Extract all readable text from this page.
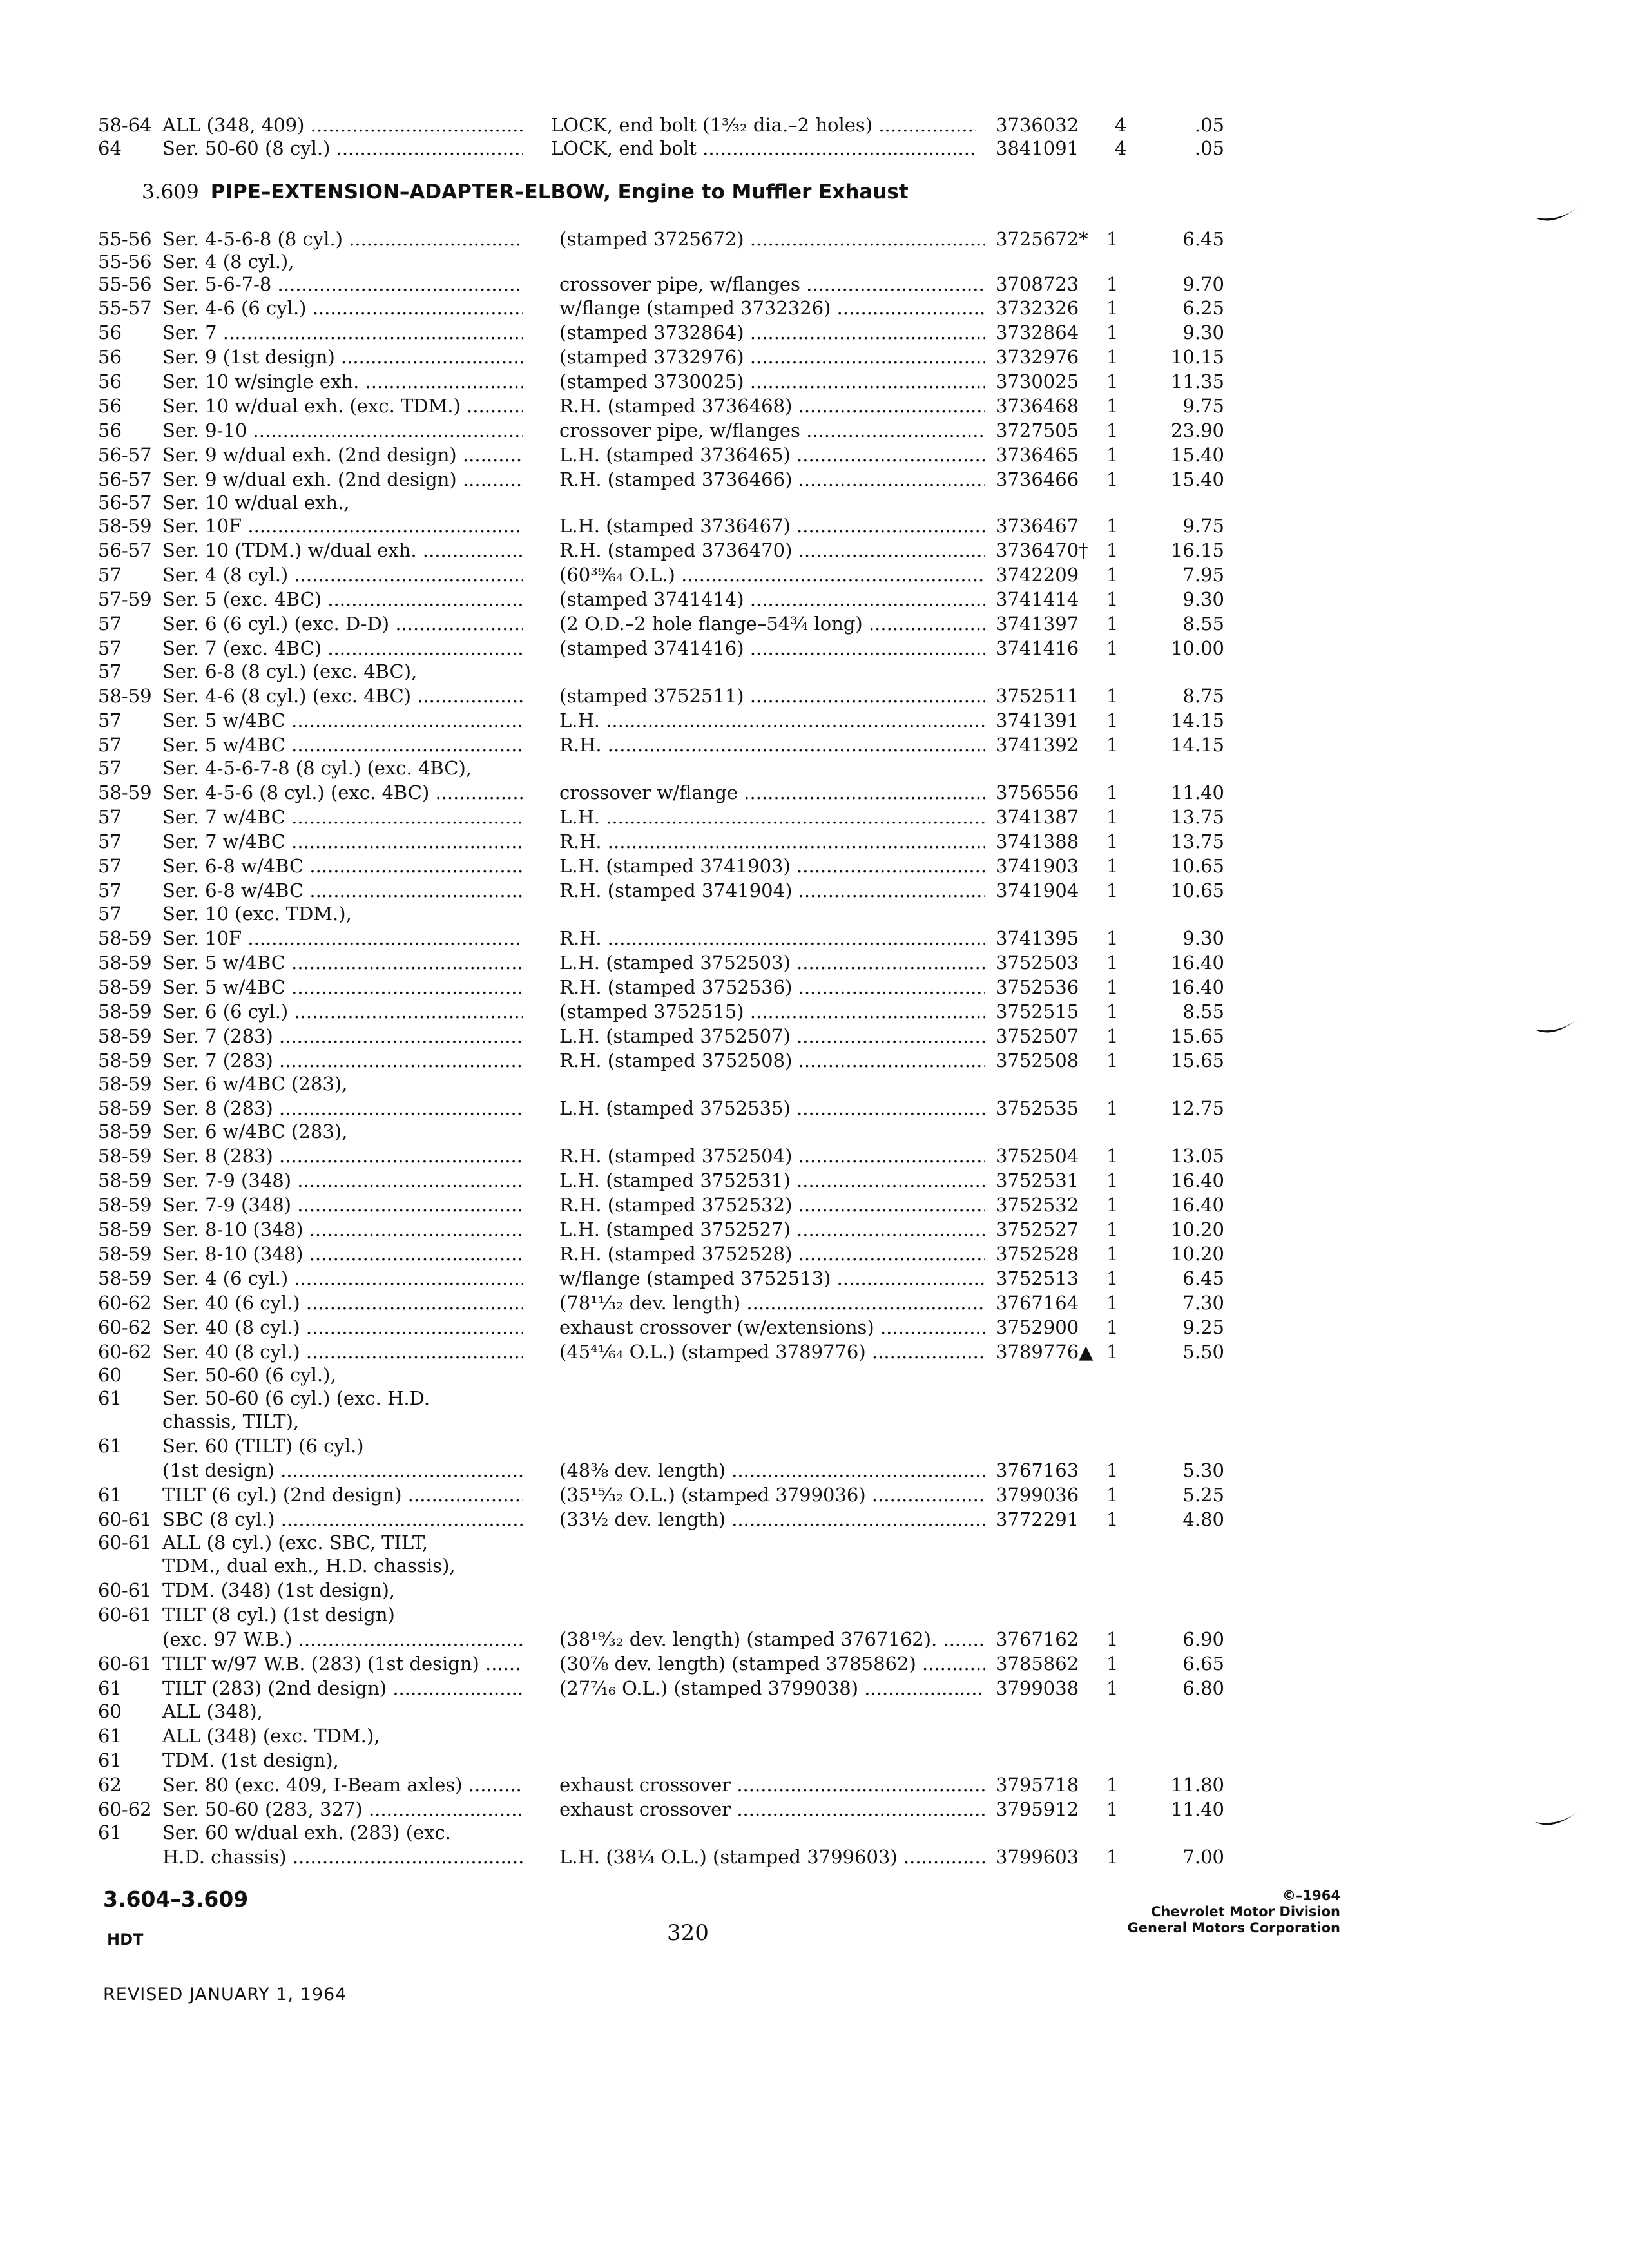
58-64 ALL (348, 409) .....	LOCK, end bolt (1³⁄₃₂ dia.–2 holes) .....	3736032	4	.05
64	Ser. 50-60 (8 cyl.) .....	LOCK, end bolt .....	3841091	4	.05
3.609 PIPE–EXTENSION–ADAPTER–ELBOW, Engine to Muffler Exhaust
55-56 Ser. 4-5-6-8 (8 cyl.) .....	(stamped 3725672) .....	3725672* 1	6.45
55-56 Ser. 4 (8 cyl.),
55-56 Ser. 5-6-7-8 .....	crossover pipe, w/flanges .....	3708723	1	9.70
55-57 Ser. 4-6 (6 cyl.) .....	w/flange (stamped 3732326) .....	3732326	1	6.25
56	Ser. 7 .....	(stamped 3732864) .....	3732864	1	9.30
56	Ser. 9 (1st design) .....	(stamped 3732976) .....	3732976	1	10.15
56	Ser. 10 w/single exh. .....	(stamped 3730025) .....	3730025	1	11.35
56	Ser. 10 w/dual exh. (exc. TDM.) .....	R.H. (stamped 3736468) .....	3736468	1	9.75
56	Ser. 9-10 .....	crossover pipe, w/flanges .....	3727505	1	23.90
56-57 Ser. 9 w/dual exh. (2nd design) .....	L.H. (stamped 3736465) .....	3736465	1	15.40
56-57 Ser. 9 w/dual exh. (2nd design) .....	R.H. (stamped 3736466) .....	3736466	1	15.40
56-57 Ser. 10 w/dual exh.,
58-59 Ser. 10F .....	L.H. (stamped 3736467) .....	3736467	1	9.75
56-57 Ser. 10 (TDM.) w/dual exh. .....	R.H. (stamped 3736470) .....	3736470† 1	16.15
57	Ser. 4 (8 cyl.) .....	(60³⁹⁄₆₄ O.L.) .....	3742209	1	7.95
57-59 Ser. 5 (exc. 4BC) .....	(stamped 3741414) .....	3741414	1	9.30
57	Ser. 6 (6 cyl.) (exc. D-D) .....	(2 O.D.–2 hole flange–54¾ long) .....	3741397	1	8.55
57	Ser. 7 (exc. 4BC) .....	(stamped 3741416) .....	3741416	1	10.00
57	Ser. 6-8 (8 cyl.) (exc. 4BC),
58-59 Ser. 4-6 (8 cyl.) (exc. 4BC) .....	(stamped 3752511) .....	3752511	1	8.75
57	Ser. 5 w/4BC .....	L.H. .....	3741391	1	14.15
57	Ser. 5 w/4BC .....	R.H. .....	3741392	1	14.15
57	Ser. 4-5-6-7-8 (8 cyl.) (exc. 4BC),
58-59 Ser. 4-5-6 (8 cyl.) (exc. 4BC) .....	crossover w/flange .....	3756556	1	11.40
57	Ser. 7 w/4BC .....	L.H. .....	3741387	1	13.75
57	Ser. 7 w/4BC .....	R.H. .....	3741388	1	13.75
57	Ser. 6-8 w/4BC .....	L.H. (stamped 3741903) .....	3741903	1	10.65
57	Ser. 6-8 w/4BC .....	R.H. (stamped 3741904) .....	3741904	1	10.65
57	Ser. 10 (exc. TDM.),
58-59 Ser. 10F .....	R.H. .....	3741395	1	9.30
58-59 Ser. 5 w/4BC .....	L.H. (stamped 3752503) .....	3752503	1	16.40
58-59 Ser. 5 w/4BC .....	R.H. (stamped 3752536) .....	3752536	1	16.40
58-59 Ser. 6 (6 cyl.) .....	(stamped 3752515) .....	3752515	1	8.55
58-59 Ser. 7 (283) .....	L.H. (stamped 3752507) .....	3752507	1	15.65
58-59 Ser. 7 (283) .....	R.H. (stamped 3752508) .....	3752508	1	15.65
58-59 Ser. 6 w/4BC (283),
58-59 Ser. 8 (283) .....	L.H. (stamped 3752535) .....	3752535	1	12.75
58-59 Ser. 6 w/4BC (283),
58-59 Ser. 8 (283) .....	R.H. (stamped 3752504) .....	3752504	1	13.05
58-59 Ser. 7-9 (348) .....	L.H. (stamped 3752531) .....	3752531	1	16.40
58-59 Ser. 7-9 (348) .....	R.H. (stamped 3752532) .....	3752532	1	16.40
58-59 Ser. 8-10 (348) .....	L.H. (stamped 3752527) .....	3752527	1	10.20
58-59 Ser. 8-10 (348) .....	R.H. (stamped 3752528) .....	3752528	1	10.20
58-59 Ser. 4 (6 cyl.) .....	w/flange (stamped 3752513) .....	3752513	1	6.45
60-62 Ser. 40 (6 cyl.) .....	(78¹¹⁄₃₂ dev. length) .....	3767164	1	7.30
60-62 Ser. 40 (8 cyl.) .....	exhaust crossover (w/extensions) .....	3752900	1	9.25
60-62 Ser. 40 (8 cyl.) .....	(45⁴¹⁄₆₄ O.L.) (stamped 3789776) .....	3789776▲ 1	5.50
60	Ser. 50-60 (6 cyl.),
61	Ser. 50-60 (6 cyl.) (exc. H.D.
chassis, TILT),
61	Ser. 60 (TILT) (6 cyl.)
(1st design) .....	(48⅜ dev. length) .....	3767163	1	5.30
61	TILT (6 cyl.) (2nd design) .....	(35¹⁵⁄₃₂ O.L.) (stamped 3799036) .....	3799036	1	5.25
60-61 SBC (8 cyl.) .....	(33½ dev. length) .....	3772291	1	4.80
60-61 ALL (8 cyl.) (exc. SBC, TILT,
TDM., dual exh., H.D. chassis),
60-61 TDM. (348) (1st design),
60-61 TILT (8 cyl.) (1st design)
(exc. 97 W.B.) .....	(38¹⁹⁄₃₂ dev. length) (stamped 3767162). .....	3767162	1	6.90
60-61 TILT w/97 W.B. (283) (1st design) .....	(30⅞ dev. length) (stamped 3785862) .....	3785862	1	6.65
61	TILT (283) (2nd design) .....	(27⁷⁄₁₆ O.L.) (stamped 3799038) .....	3799038	1	6.80
60	ALL (348),
61	ALL (348) (exc. TDM.),
61	TDM. (1st design),
62	Ser. 80 (exc. 409, I-Beam axles) .....	exhaust crossover .....	3795718	1	11.80
60-62 Ser. 50-60 (283, 327) .....	exhaust crossover .....	3795912	1	11.40
61	Ser. 60 w/dual exh. (283) (exc.
H.D. chassis) .....	L.H. (38¼ O.L.) (stamped 3799603) .....	3799603	1	7.00
3.604–3.609
HDT	320
©–1964
Chevrolet Motor Division
General Motors Corporation
REVISED JANUARY 1, 1964
